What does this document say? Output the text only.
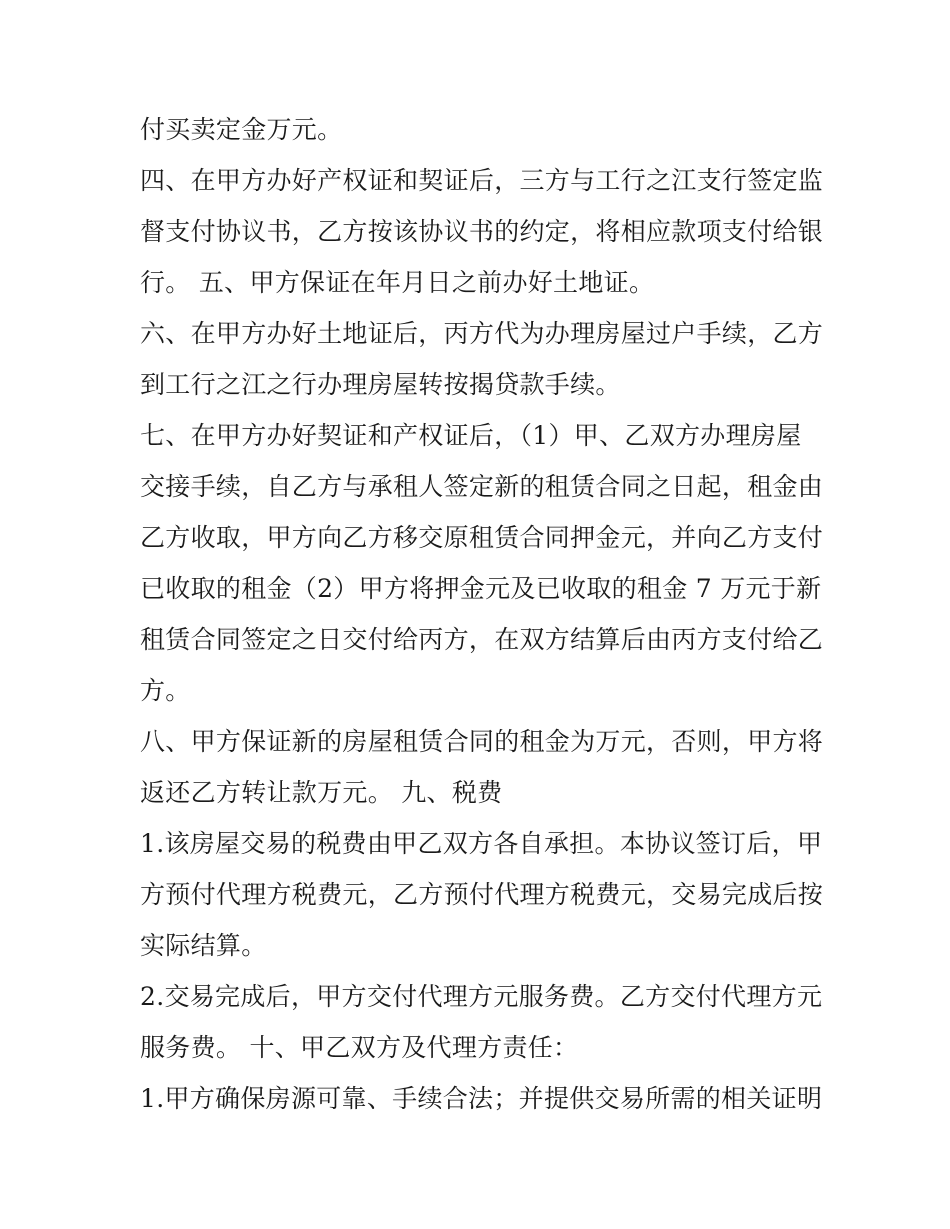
付买卖定金万元。
四、在甲方办好产权证和契证后，三方与工行之江支行签定监
督支付协议书，乙方按该协议书的约定，将相应款项支付给银
行。 五、甲方保证在年月日之前办好土地证。
六、在甲方办好土地证后，丙方代为办理房屋过户手续，乙方
到工行之江之行办理房屋转按揭贷款手续。
七、在甲方办好契证和产权证后，（1）甲、乙双方办理房屋
交接手续，自乙方与承租人签定新的租赁合同之日起，租金由
乙方收取，甲方向乙方移交原租赁合同押金元，并向乙方支付
已收取的租金（2）甲方将押金元及已收取的租金 7 万元于新
租赁合同签定之日交付给丙方，在双方结算后由丙方支付给乙
方。
八、甲方保证新的房屋租赁合同的租金为万元，否则，甲方将
返还乙方转让款万元。 九、税费
1.该房屋交易的税费由甲乙双方各自承担。本协议签订后，甲
方预付代理方税费元，乙方预付代理方税费元，交易完成后按
实际结算。
2.交易完成后，甲方交付代理方元服务费。乙方交付代理方元
服务费。 十、甲乙双方及代理方责任：
1.甲方确保房源可靠、手续合法；并提供交易所需的相关证明
